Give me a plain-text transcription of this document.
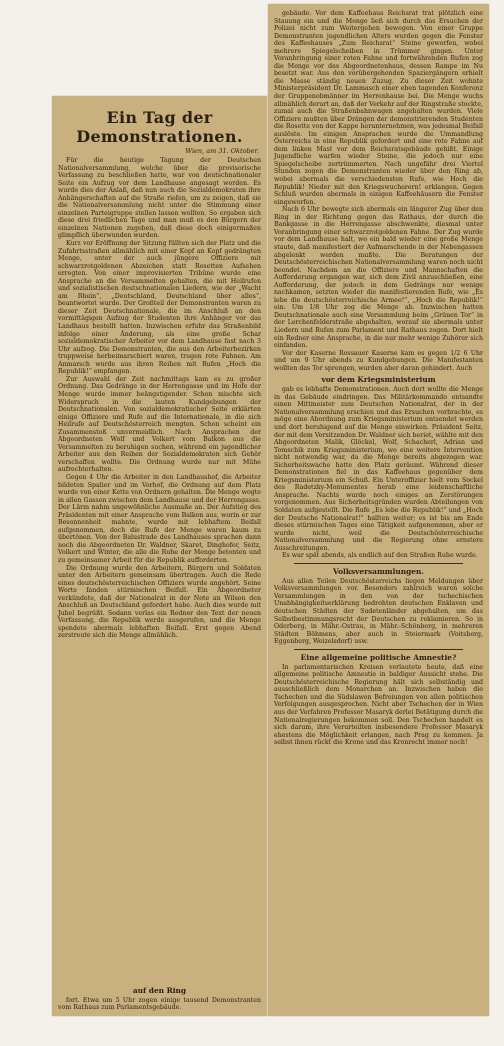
Ein Tag der Demonstrationen.
Wien, am 31. Oktober.

Für die heutige Tagung der Deutschen Nationalversammlung, welche über die provisorische Verfassung zu beschließen hatte, war von deutschnationaler Seite ein Aufzug vor dem Landhause angesagt worden. Es wurde dies der Anlaß, daß nun auch die Sozialdemokraten ihre Anhängerschaften auf die Straße riefen, um zu zeigen, daß sie die Nationalversammlung nicht unter die Stimmung einer einzelnen Parteigruppe stellen lassen wollten. So ergaben sich diese drei friedlichen Tage und man muß es den Bürgern der einzelnen Nationen zugeben, daß diese doch einigermaßen glimpflich überwunden wurden.

Kurz vor Eröffnung der Sitzung füllten sich der Platz und die Zufahrtsstraßen allmählich mit einer Kopf an Kopf gedrängten Menge, unter der auch jüngere Offiziere mit schwarzrotgoldenen Abzeichen statt Rosetten Aufsehen erregten. Von einer improvisierten Tribüne wurde eine Ansprache an die Versammelten gehalten, die mit Heilrufen und sozialistischen deutschnationalen Liedern, wie der „Wacht am Rhein“, „Deutschland, Deutschland über alles“, beantwortet wurde. Der Großteil der Demonstranten waren zu dieser Zeit Deutschnationale, die im Anschluß an den vormittägigen Aufzug der Studenten ihre Anhänger vor das Landhaus bestellt hatten. Inzwischen erfuhr das Straßenbild infolge einer Änderung, als eine große Schar sozialdemokratischer Arbeiter vor dem Landhause fast nach 3 Uhr aufzog. Die Demonstranten, die aus den Arbeiterbezirken truppweise herbeimarschiert waren, trugen rote Fahnen. Am Anmarsch wurde aus ihren Reihen mit Rufen „Hoch die Republik!“ empfangen.

Zur Auswahl der Zeit nachmittags kam es zu großer Ordnung. Das Gedränge in der Herrengasse und im Hofe der Menge wurde immer beängstigender. Schon mischte sich Widerspruch in die lauten Kundgebungen der Deutschnationalen. Von sozialdemokratischer Seite erklärten einige Offiziere und Rufe auf die Internationale, in die sich Heilrufe auf Deutschösterreich mengten. Schon scheint ein Zusammenstoß unvermeidlich. Nach Ansprachen der Abgeordneten Wolf und Volkert vom Balkon aus die Versammelten zu beruhigen suchen, während ein jugendlicher Arbeiter aus den Reihen der Sozialdemokraten sich Gehör verschaffen wollte. Die Ordnung wurde nur mit Mühe aufrechterhalten.

Gegen 4 Uhr die Arbeiter in den Landhaushof, die Arbeiter bildeten Spalier und im Vorhof, die Ordnung auf dem Platz wurde von einer Kette von Ordnern gehalten. Die Menge wogte in allen Gassen zwischen dem Landhause und der Herrengasse. Der Lärm nahm ungewöhnliche Ausmaße an. Der Aufstieg des Präsidenten mit einer Ansprache vom Balkon aus, worin er zur Besonnenheit mahnte, wurde mit lebhaftem Beifall aufgenommen, doch die Rufe der Menge waren kaum zu übertönen. Von der Balustrade des Landhauses sprachen dann noch die Abgeordneten Dr. Waldner, Skaret, Dinghofer, Seitz, Volkert und Winter, die alle die Ruhe der Menge betonten und zu gemeinsamer Arbeit für die Republik aufforderten.

Die Ordnung wurde den Arbeitern, Bürgern und Soldaten unter den Arbeitern gemeinsam übertragen. Auch die Rede eines deutschösterreichischen Offiziers wurde angehört. Seine Worte fanden stürmischen Beifall. Ein Abgeordneter verkündete, daß der Nationalrat in der Note an Wilson den Anschluß an Deutschland gefordert habe. Auch dies wurde mit Jubel begrüßt. Sodann verlas ein Redner den Text der neuen Verfassung, die Republik werde ausgerufen, und die Menge spendete abermals lebhaften Beifall. Erst gegen Abend zerstreute sich die Menge allmählich.

auf den Ring

fort. Etwa um 5 Uhr zogen einige tausend Demonstranten vom Rathaus zum Parlamentsgebäude.

gebäude. Vor dem Kaffeehaus Reichsrat trat plötzlich eine Stauung ein und die Menge ließ sich durch das Ersuchen der Polizei nicht zum Weitergehen bewegen. Von einer Gruppe Demonstranten jugendlichen Alters wurden gegen die Fenster des Kaffeehauses „Zum Reichsrat“ Steine geworfen, wobei mehrere Spiegelscheiben in Trümmer gingen. Unter Voranbringung einer roten Fahne und fortwährenden Rufen zog die Menge vor das Abgeordnetenhaus, dessen Rampe im Nu besetzt war. Aus den vorübergehenden Spaziergängern erhielt die Masse ständig neuen Zuzug. Zu dieser Zeit wohnte Ministerpräsident Dr. Lammasch einer eben tagenden Konferenz der Gruppenobmänner im Herrenhause bei. Die Menge wuchs allmählich derart an, daß der Verkehr auf der Ringstraße stockte, zumal auch die Straßenbahnwagen angehalten wurden. Viele Offiziere mußten über Drängen der demonstrierenden Studenten die Rosette von der Kappe herunternehmen, was jedesmal Beifall auslöste. Im einigen Ansprachen wurde die Ummandlung Österreichs in eine Republik gefordert und eine rote Fahne auf dem linken Mast vor dem Reichsratsgebäude gehißt. Einige Jugendliche warfen wieder Steine, die jedoch nur eine Spiegelscheibe zertrümmerten. Nach ungefähr drei Viertel Stunden zogen die Demonstranten wieder über den Ring ab, wobei abermals die verschiedensten Rufe, wie Hoch die Republik! Nieder mit den Kriegswucherern! erklangen. Gegen Schluß wurden abermals in einigen Kaffeehäusern die Fenster eingeworfen.

Nach 6 Uhr bewegte sich abermals ein längerer Zug über den Ring in der Richtung gegen das Rathaus, der durch die Bankgasse in die Herrengasse abschwenkte, diesmal unter Voranbringung einer schwarzrotgoldenen Fahne. Der Zug wurde vor dem Landhause halt, wo ein bald wieder eine große Menge staute, daß manifestiert der Aufmarschende in der Nebengassen abgelenkt werden mußte. Die Beratungen der Deutschösterreichischen Nationalversammlung waren noch nicht beendet. Nachdem an die Offiziere und Mannschaften die Aufforderung ergangen war, sich dem Zivil anzuschließen, eine Aufforderung, der jedoch in dem Gedränge nur wenige nachkamen, setzten wieder die manifestierenden Rufe, wie „Es lebe die deutschösterreichische Armee!“, „Hoch die Republik!“ ein. Um 1/8 Uhr zog die Menge ab. Inzwischen hatten Deutschnationale auch eine Versammlung beim „Grünen Tor“ in der Lerchenfelderstraße abgehalten, worauf sie abermals unter Liedern und Rufen zum Parlament und Rathaus zogen. Dort hielt ein Redner eine Ansprache, in die nur mehr wenige Zuhörer sich einfanden.

Vor der Kaserne Rossauer Kaserne kam es gegen 1/2 6 Uhr und um 9 Uhr abends zu Kundgebungen. Die Manifestanten wollten das Tor sprengen, wurden aber daran gehindert. Auch

vor dem Kriegsministerium

gab es lebhafte Demonstrationen. Auch dort wollte die Menge in das Gebäude eindringen. Das Militärkommando entsandte einen Mittmeister zum Deutschen Nationalrat, der in der Nationalversammlung erschien und das Ersuchen vorbrachte, es möge eine Abordnung zum Kriegsministerium entsendet werden und dort beruhigend auf die Menge einwirken. Präsident Seitz, der mit dem Vorsitzenden Dr. Waldner sich beriet, wählte mit den Abgeordneten Malik, Glöckel, Wolf, Schacherl, Adrian und Tomschik zum Kriegsministerium, wo eine weitere Intervention nicht notwendig war, da die Menge bereits abgezogen war. Sicherheitswache hatte den Platz geräumt. Während dieser Demonstrationen fiel in das Kaffeehaus gegenüber dem Kriegsministerium ein Schuß. Ein Unteroffizier hielt vom Sockel des Radetzky-Monumentes herab eine leidenschaftliche Ansprache. Nachts wurde noch einiges an Zerstörungen vorgenommen. Aus Sicherheitsgründen wurden Abteilungen von Soldaten aufgestellt. Die Rufe „Es lebe die Republik!“ und „Hoch der Deutsche Nationalrat!“ hallten weiter; es ist bis am Ende dieses stürmischen Tages eine Tätigkeit aufgenommen, aber er wurde nicht, weil die Deutschösterreichische Nationalversammlung und die Regierung ohne ernstere Ausschreitungen.

Es war spät abends, als endlich auf den Straßen Ruhe wurde.

Volksversammlungen.

Aus allen Teilen Deutschösterreichs liegen Meldungen über Volksversammlungen vor. Besonders zahlreich waren solche Versammlungen in den von der tschechischen Unabhängigkeitserklärung bedrohten deutschen Enklaven und deutschen Städten der Sudetenländer abgehalten, um das Selbstbestimmungsrecht der Deutschen zu reklamieren. So in Oderberg, in Mähr.-Ostrau, in Mähr.-Schönberg, in mehreren Städten Böhmens, aber auch in Steiermark (Voitsberg, Eggenberg, Weizelsdorf) usw.

Eine allgemeine politische Amnestie?

In parlamentarischen Kreisen verlautete heute, daß eine allgemeine politische Amnestie in baldiger Aussicht stehe. Die Deutschösterreichische Regierung hält sich selbständig und ausschließlich dem Monarchen an. Inzwischen haben die Tschechen und die Südslawen Befreiungen von allen politischen Verfolgungen ausgesprochen. Nicht aber Tschechen der in Wien aus der Verfahren Professor Masaryk derlei Betätigung durch die Nationalregierungen bekommen soll. Den Tschechen handelt es sich darum, ihre Verurteilten insbesondere Professor Masaryk ehestens die Möglichkeit erlangen, nach Prag zu kommen. Ja selbst ihnen rückt die Krone und das Kronrecht immer noch!
